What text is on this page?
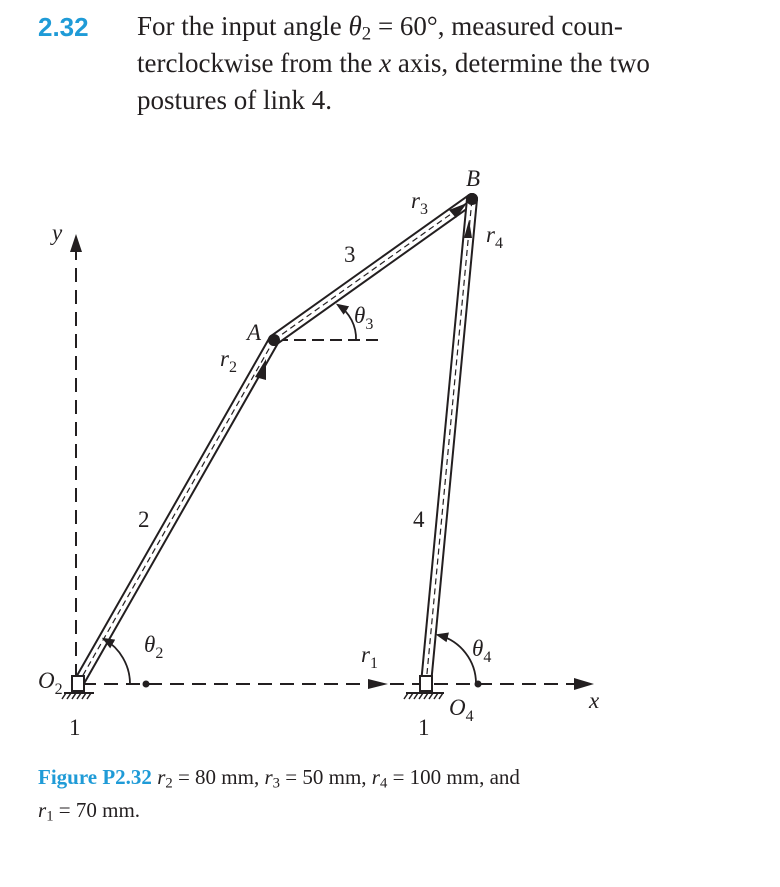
2.32 For the input angle $\theta_2 = 60^\circ$, measured coun-
terclockwise from the x axis, determine the two
postures of link 4.
y
x
A
B
2
3
4
1	1
$r_2$
$r_3$
$r_4$
$r_1$
$\theta_2$
$\theta_3$
$\theta_4$
$O_2$
$O_4$
Figure P2.32 $r_2 = 80$ mm, $r_3 = 50$ mm, $r_4 = 100$ mm, and
$r_1 = 70$ mm.
